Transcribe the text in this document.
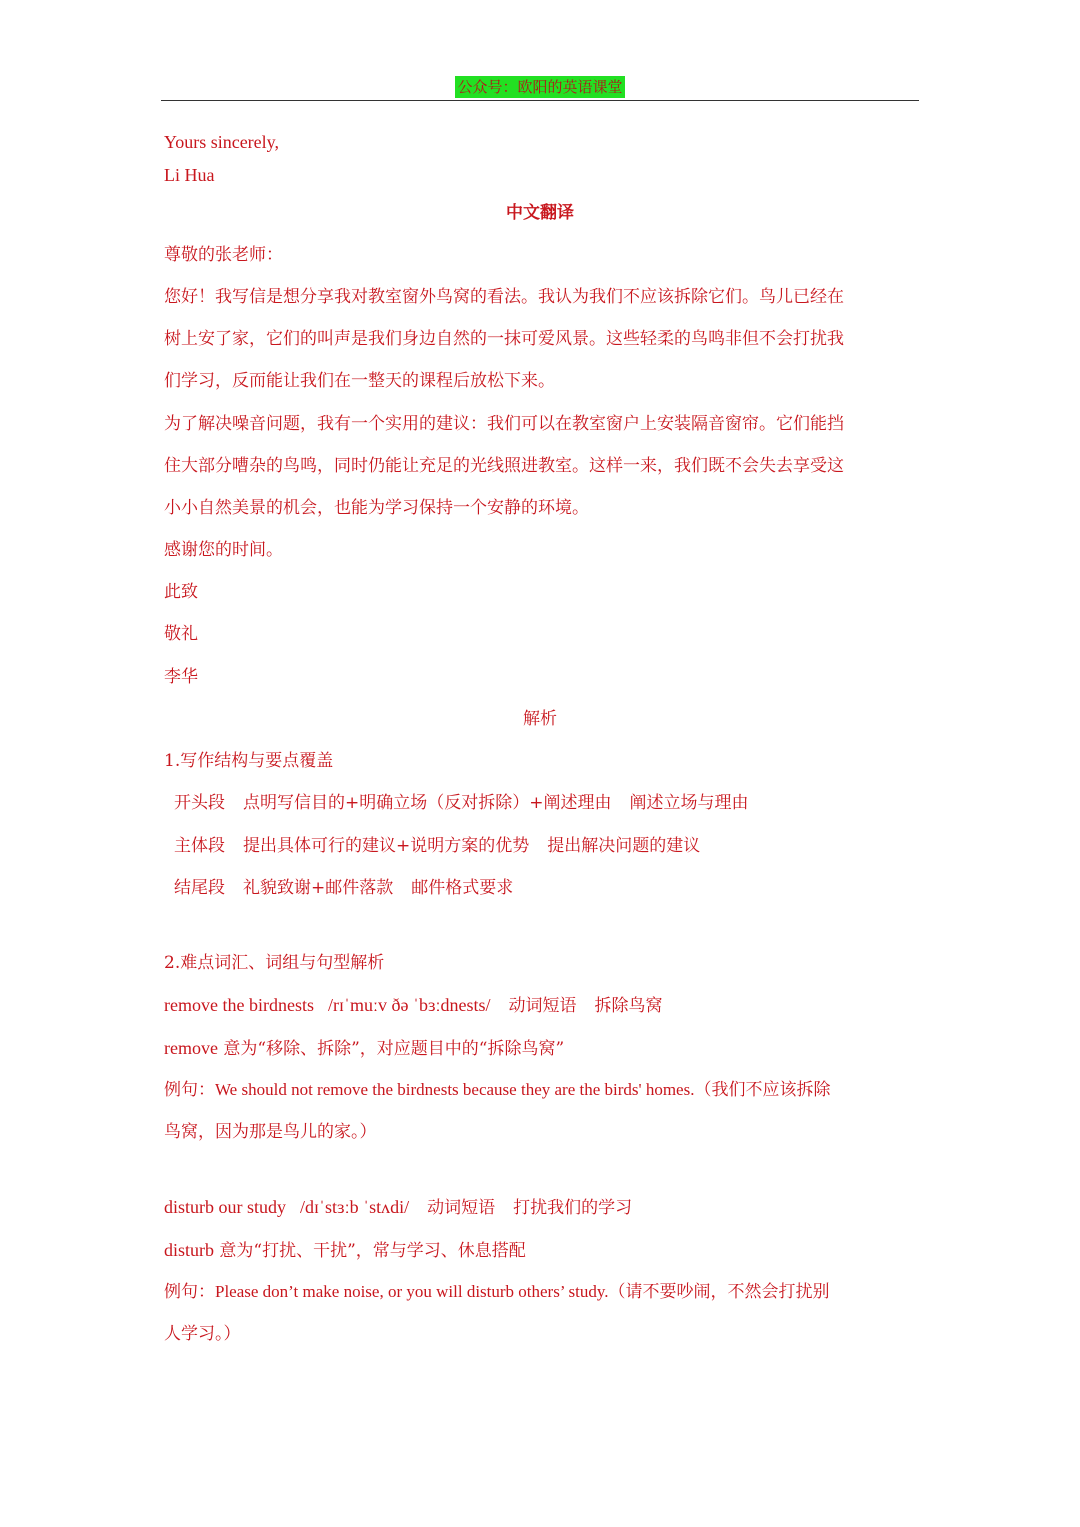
公众号：欧阳的英语课堂
Yours sincerely,
Li Hua
中文翻译
尊敬的张老师：
您好！我写信是想分享我对教室窗外鸟窝的看法。我认为我们不应该拆除它们。鸟儿已经在
树上安了家，它们的叫声是我们身边自然的一抹可爱风景。这些轻柔的鸟鸣非但不会打扰我
们学习，反而能让我们在一整天的课程后放松下来。
为了解决噪音问题，我有一个实用的建议：我们可以在教室窗户上安装隔音窗帘。它们能挡
住大部分嘈杂的鸟鸣，同时仍能让充足的光线照进教室。这样一来，我们既不会失去享受这
小小自然美景的机会，也能为学习保持一个安静的环境。
感谢您的时间。
此致
敬礼
李华
解析
1.写作结构与要点覆盖
开头段 点明写信目的+明确立场（反对拆除）+阐述理由 阐述立场与理由
主体段 提出具体可行的建议+说明方案的优势 提出解决问题的建议
结尾段 礼貌致谢+邮件落款 邮件格式要求
2.难点词汇、词组与句型解析
remove the birdnests /rɪˈmuːv ðə ˈbɜːdnests/ 动词短语 拆除鸟窝
remove 意为“移除、拆除”，对应题目中的“拆除鸟窝”
例句：We should not remove the birdnests because they are the birds' homes.（我们不应该拆除
鸟窝，因为那是鸟儿的家。）
disturb our study /dɪˈstɜːb ˈstʌdi/ 动词短语 打扰我们的学习
disturb 意为“打扰、干扰”，常与学习、休息搭配
例句：Please don’t make noise, or you will disturb others’ study.（请不要吵闹，不然会打扰别
人学习。）
